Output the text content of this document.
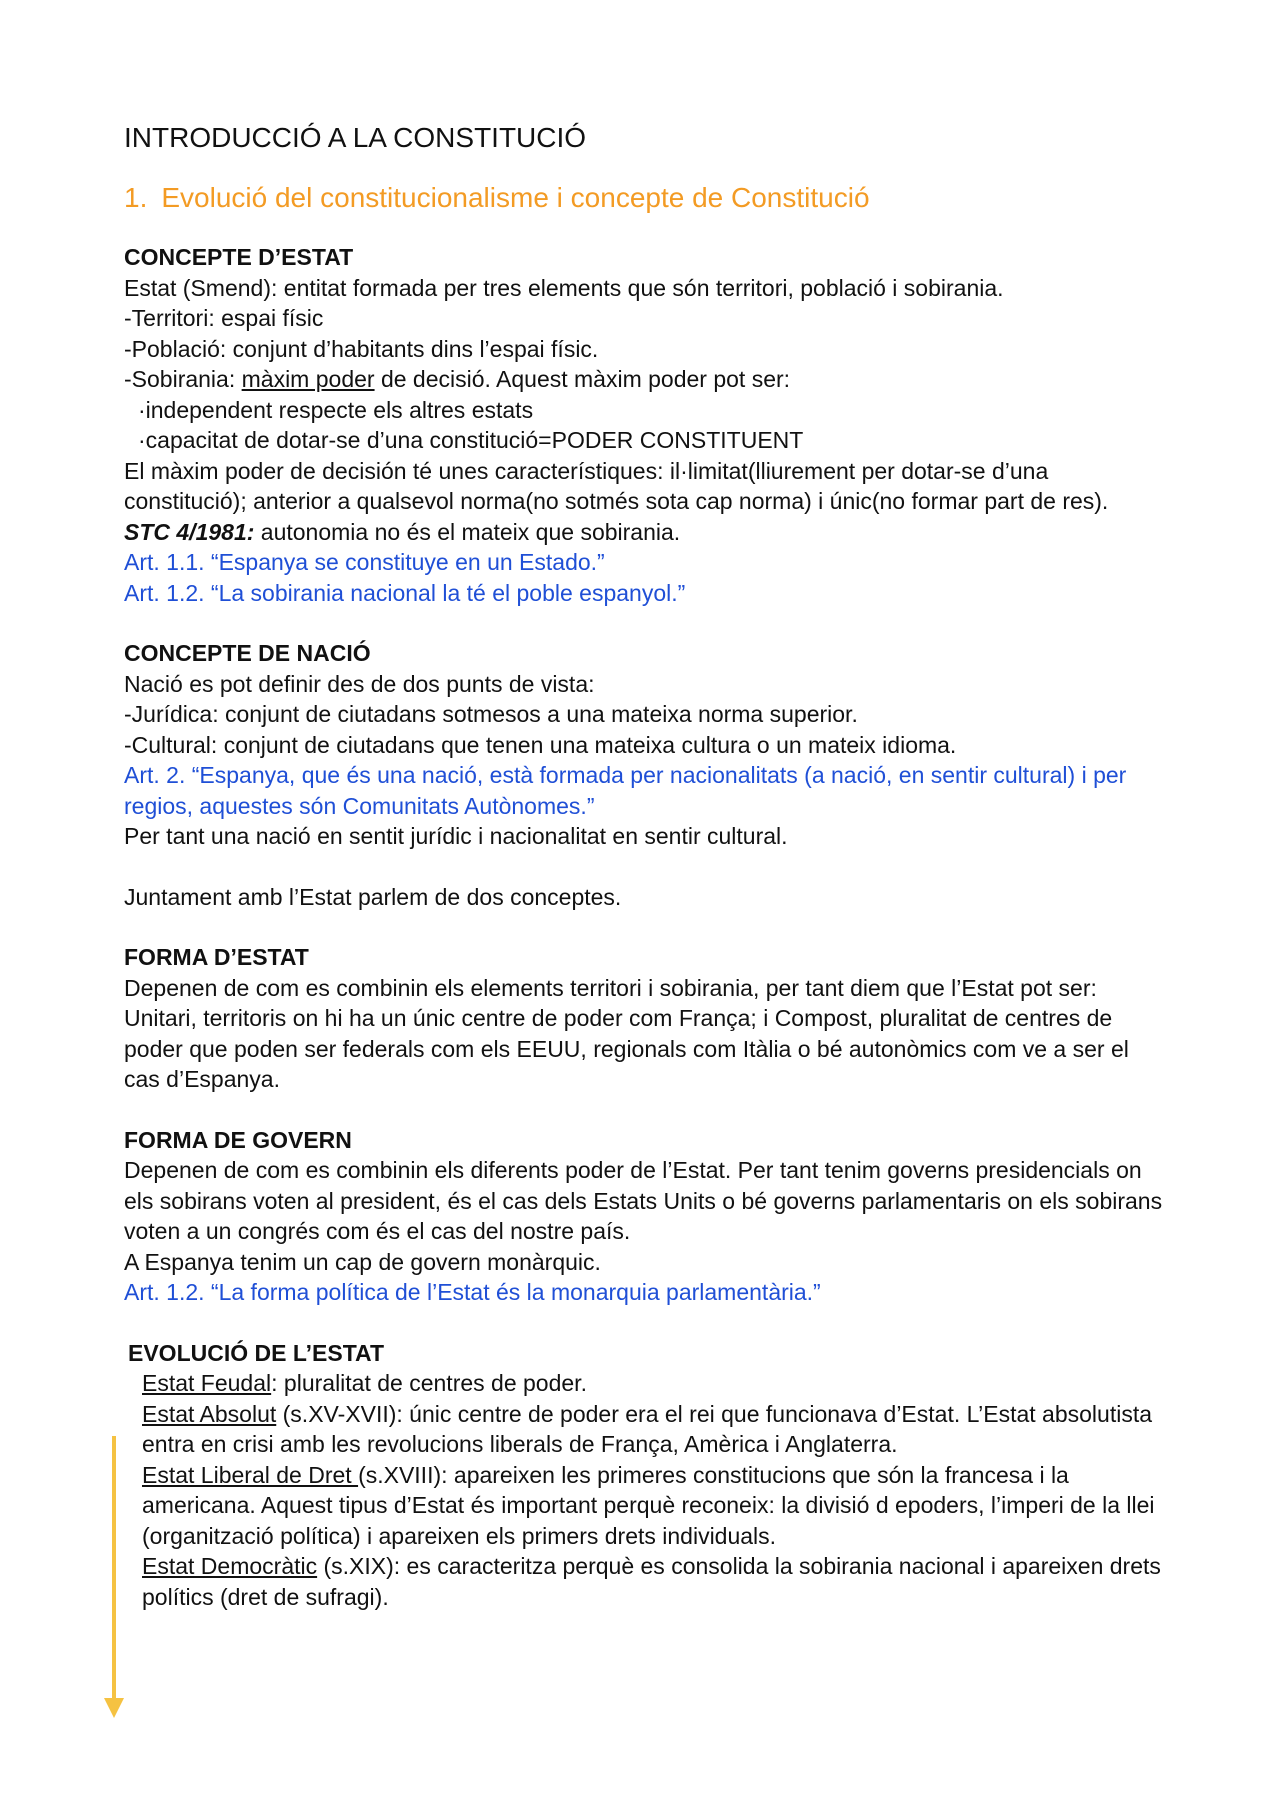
INTRODUCCIÓ A LA CONSTITUCIÓ
1. Evolució del constitucionalisme i concepte de Constitució
CONCEPTE D’ESTAT

Estat (Smend): entitat formada per tres elements que són territori, població i sobirania.

-Territori: espai físic

-Població: conjunt d’habitants dins l’espai físic.

-Sobirania: màxim poder de decisió. Aquest màxim poder pot ser:

·independent respecte els altres estats

·capacitat de dotar-se d’una constitució=PODER CONSTITUENT

El màxim poder de decisión té unes característiques: il·limitat(lliurement per dotar-se d’una constitució); anterior a qualsevol norma(no sotmés sota cap norma) i únic(no formar part de res).

STC 4/1981: autonomia no és el mateix que sobirania.

Art. 1.1. “Espanya se constituye en un Estado.”

Art. 1.2. “La sobirania nacional la té el poble espanyol.”

CONCEPTE DE NACIÓ

Nació es pot definir des de dos punts de vista:

-Jurídica: conjunt de ciutadans sotmesos a una mateixa norma superior.

-Cultural: conjunt de ciutadans que tenen una mateixa cultura o un mateix idioma.

Art. 2. “Espanya, que és una nació, està formada per nacionalitats (a nació, en sentir cultural) i per regios, aquestes són Comunitats Autònomes.”

Per tant una nació en sentit jurídic i nacionalitat en sentir cultural.

Juntament amb l’Estat parlem de dos conceptes.

FORMA D’ESTAT

Depenen de com es combinin els elements territori i sobirania, per tant diem que l’Estat pot ser: Unitari, territoris on hi ha un únic centre de poder com França; i Compost, pluralitat de centres de poder que poden ser federals com els EEUU, regionals com Itàlia o bé autonòmics com ve a ser el cas d’Espanya.

FORMA DE GOVERN

Depenen de com es combinin els diferents poder de l’Estat. Per tant tenim governs presidencials on els sobirans voten al president, és el cas dels Estats Units o bé governs parlamentaris on els sobirans voten a un congrés com és el cas del nostre país.

A Espanya tenim un cap de govern monàrquic.

Art. 1.2. “La forma política de l’Estat és la monarquia parlamentària.”

EVOLUCIÓ DE L’ESTAT

Estat Feudal: pluralitat de centres de poder.

Estat Absolut (s.XV-XVII): únic centre de poder era el rei que funcionava d’Estat. L’Estat absolutista entra en crisi amb les revolucions liberals de França, Amèrica i Anglaterra.

Estat Liberal de Dret (s.XVIII): apareixen les primeres constitucions que són la francesa i la americana. Aquest tipus d’Estat és important perquè reconeix: la divisió d epoders, l’imperi de la llei (organització política) i apareixen els primers drets individuals.

Estat Democràtic (s.XIX): es caracteritza perquè es consolida la sobirania nacional i apareixen drets polítics (dret de sufragi).
